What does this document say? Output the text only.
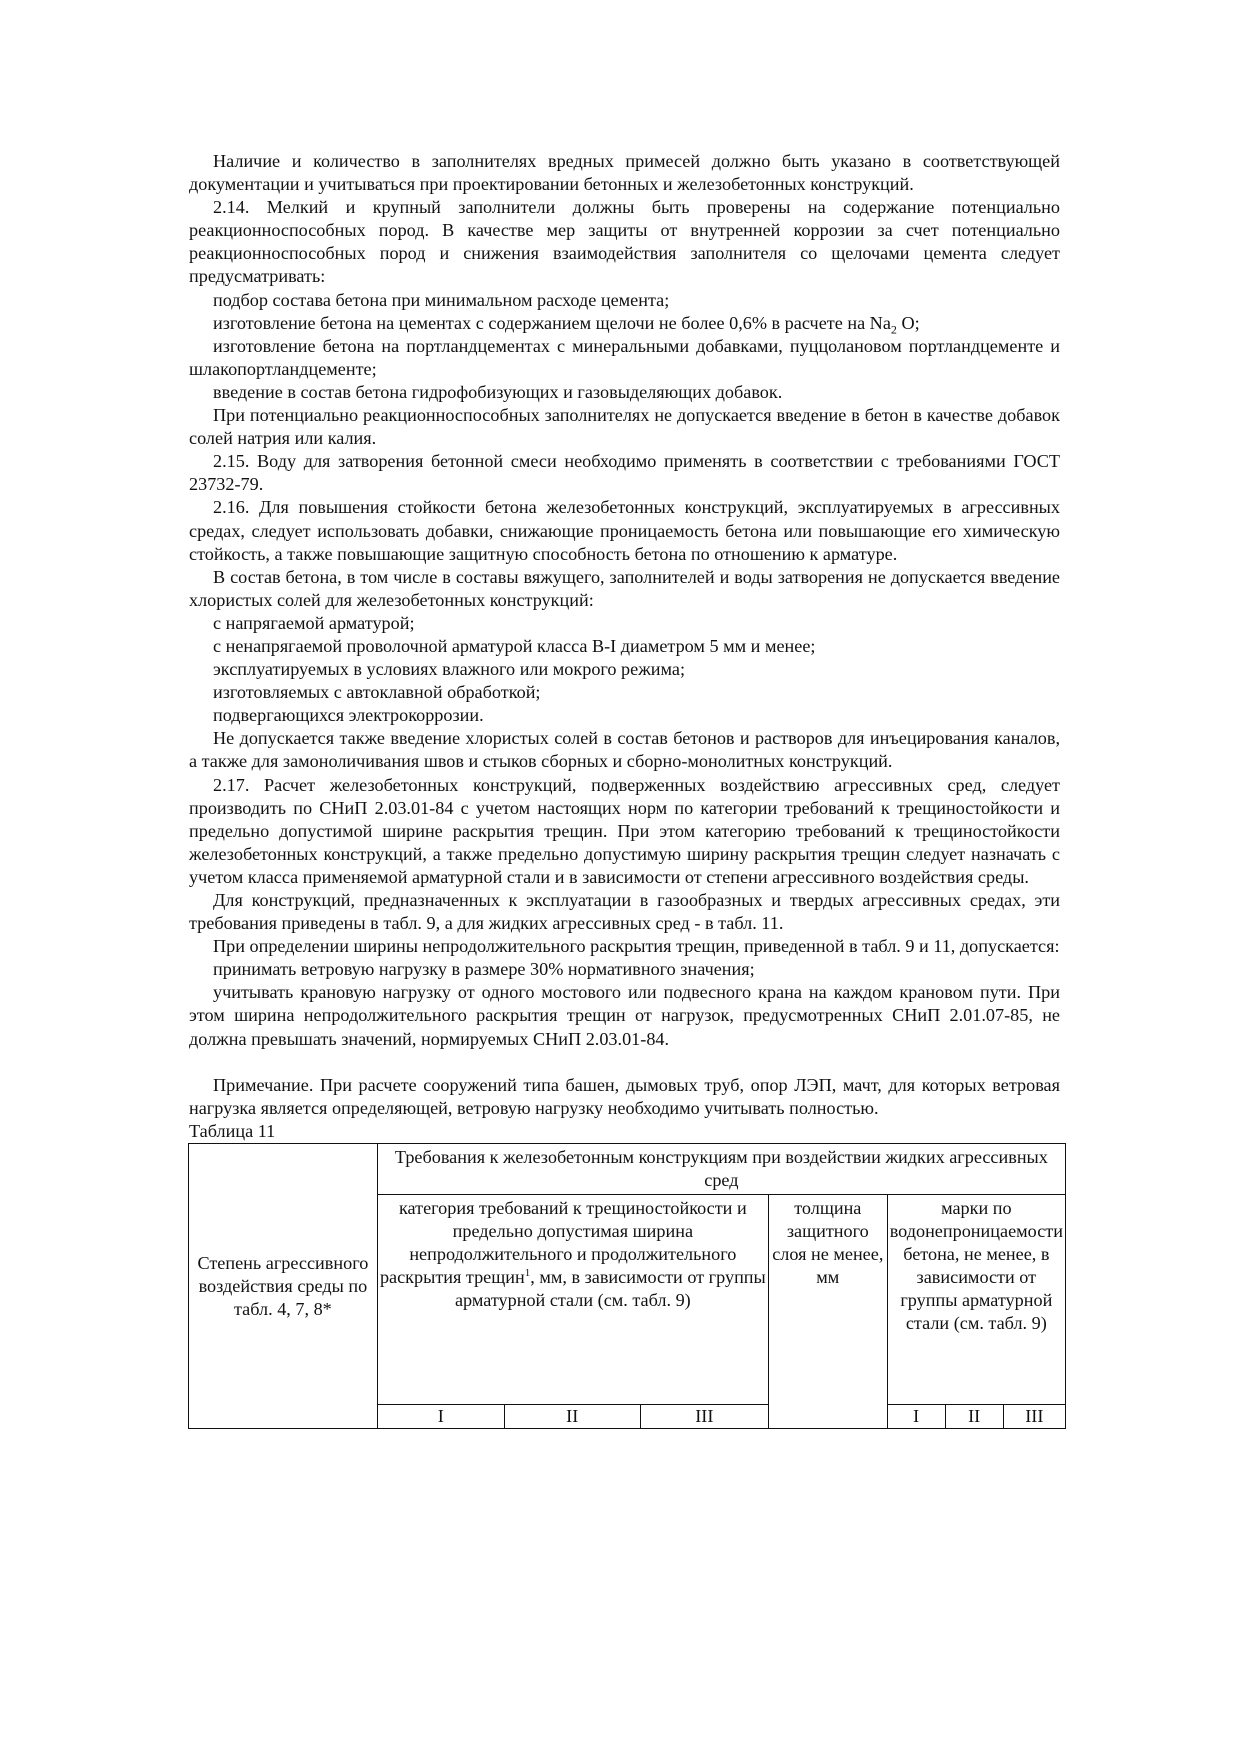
Наличие и количество в заполнителях вредных примесей должно быть указано в соответствующей документации и учитываться при проектировании бетонных и железобетонных конструкций.

2.14. Мелкий и крупный заполнители должны быть проверены на содержание потенциально реакционноспособных пород. В качестве мер защиты от внутренней коррозии за счет потенциально реакционноспособных пород и снижения взаимодействия заполнителя со щелочами цемента следует предусматривать:

подбор состава бетона при минимальном расходе цемента;

изготовление бетона на цементах с содержанием щелочи не более 0,6% в расчете на $Na_2$ O;

изготовление бетона на портландцементах с минеральными добавками, пуццолановом портландцементе и шлакопортландцементе;

введение в состав бетона гидрофобизующих и газовыделяющих добавок.

При потенциально реакционноспособных заполнителях не допускается введение в бетон в качестве добавок солей натрия или калия.

2.15. Воду для затворения бетонной смеси необходимо применять в соответствии с требованиями ГОСТ 23732-79.

2.16. Для повышения стойкости бетона железобетонных конструкций, эксплуатируемых в агрессивных средах, следует использовать добавки, снижающие проницаемость бетона или повышающие его химическую стойкость, а также повышающие защитную способность бетона по отношению к арматуре.

В состав бетона, в том числе в составы вяжущего, заполнителей и воды затворения не допускается введение хлористых солей для железобетонных конструкций:

с напрягаемой арматурой;

с ненапрягаемой проволочной арматурой класса В-I диаметром 5 мм и менее;

эксплуатируемых в условиях влажного или мокрого режима;

изготовляемых с автоклавной обработкой;

подвергающихся электрокоррозии.

Не допускается также введение хлористых солей в состав бетонов и растворов для инъецирования каналов, а также для замоноличивания швов и стыков сборных и сборно-монолитных конструкций.

2.17. Расчет железобетонных конструкций, подверженных воздействию агрессивных сред, следует производить по СНиП 2.03.01-84 с учетом настоящих норм по категории требований к трещиностойкости и предельно допустимой ширине раскрытия трещин. При этом категорию требований к трещиностойкости железобетонных конструкций, а также предельно допустимую ширину раскрытия трещин следует назначать с учетом класса применяемой арматурной стали и в зависимости от степени агрессивного воздействия среды.

Для конструкций, предназначенных к эксплуатации в газообразных и твердых агрессивных средах, эти требования приведены в табл. 9, а для жидких агрессивных сред - в табл. 11.

При определении ширины непродолжительного раскрытия трещин, приведенной в табл. 9 и 11, допускается:

принимать ветровую нагрузку в размере 30% нормативного значения;

учитывать крановую нагрузку от одного мостового или подвесного крана на каждом крановом пути. При этом ширина непродолжительного раскрытия трещин от нагрузок, предусмотренных СНиП 2.01.07-85, не должна превышать значений, нормируемых СНиП 2.03.01-84.

Примечание. При расчете сооружений типа башен, дымовых труб, опор ЛЭП, мачт, для которых ветровая нагрузка является определяющей, ветровую нагрузку необходимо учитывать полностью.

Таблица 11

Степень агрессивного воздействия среды по табл. 4, 7, 8*	Требования к железобетонным конструкциям при воздействии жидких агрессивных сред						
	категория требований к трещиностойкости и предельно допустимая ширина непродолжительного и продолжительного раскрытия трещин$^1$, мм, в зависимости от группы арматурной стали (см. табл. 9)			толщина защитного слоя не менее, мм	марки по водонепроницаемости бетона, не менее, в зависимости от группы арматурной стали (см. табл. 9)		
	I	II	III		I	II	III
